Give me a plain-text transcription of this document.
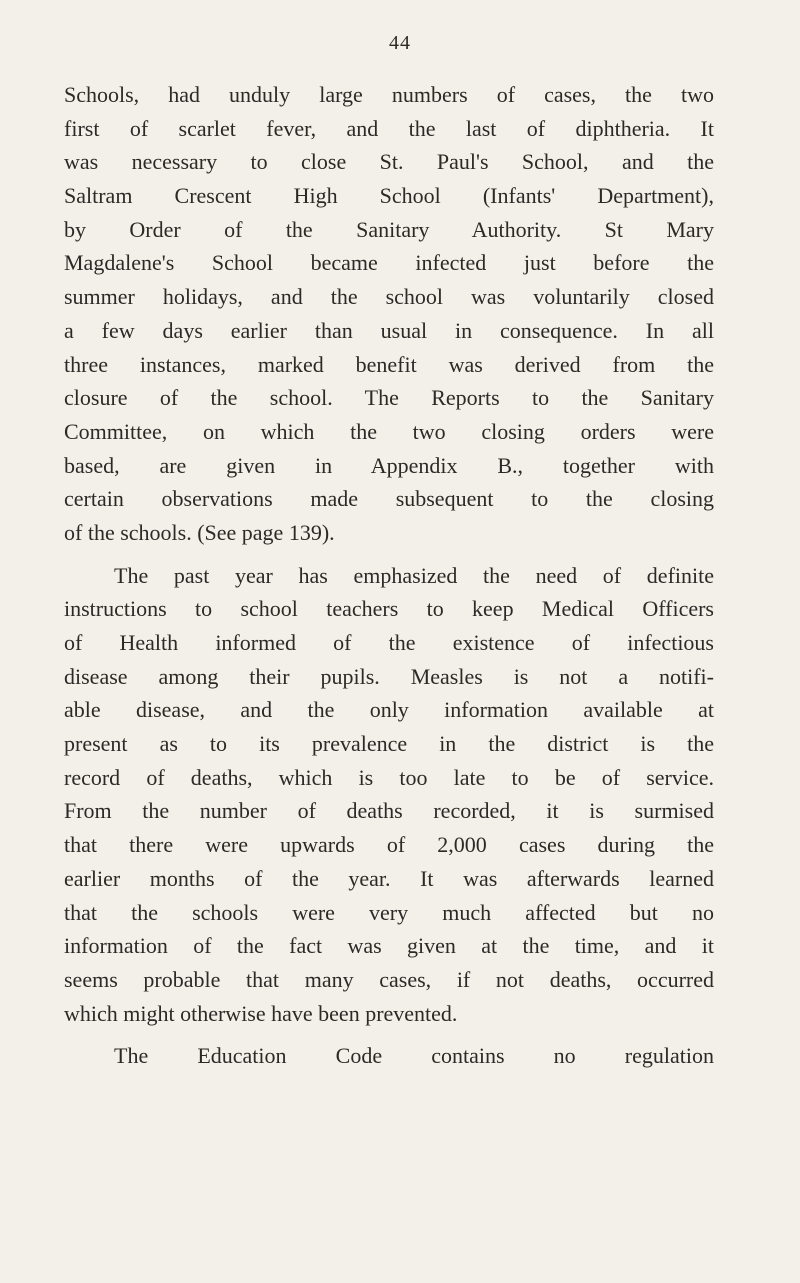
44
Schools, had unduly large numbers of cases, the two
first of scarlet fever, and the last of diphtheria. It
was necessary to close St. Paul's School, and the
Saltram Crescent High School (Infants' Department),
by Order of the Sanitary Authority. St Mary
Magdalene's School became infected just before the
summer holidays, and the school was voluntarily closed
a few days earlier than usual in consequence. In all
three instances, marked benefit was derived from the
closure of the school. The Reports to the Sanitary
Committee, on which the two closing orders were
based, are given in Appendix B., together with
certain observations made subsequent to the closing
of the schools. (See page 139).
The past year has emphasized the need of definite
instructions to school teachers to keep Medical Officers
of Health informed of the existence of infectious
disease among their pupils. Measles is not a notifi-
able disease, and the only information available at
present as to its prevalence in the district is the
record of deaths, which is too late to be of service.
From the number of deaths recorded, it is surmised
that there were upwards of 2,000 cases during the
earlier months of the year. It was afterwards learned
that the schools were very much affected but no
information of the fact was given at the time, and it
seems probable that many cases, if not deaths, occurred
which might otherwise have been prevented.
The Education Code contains no regulation
